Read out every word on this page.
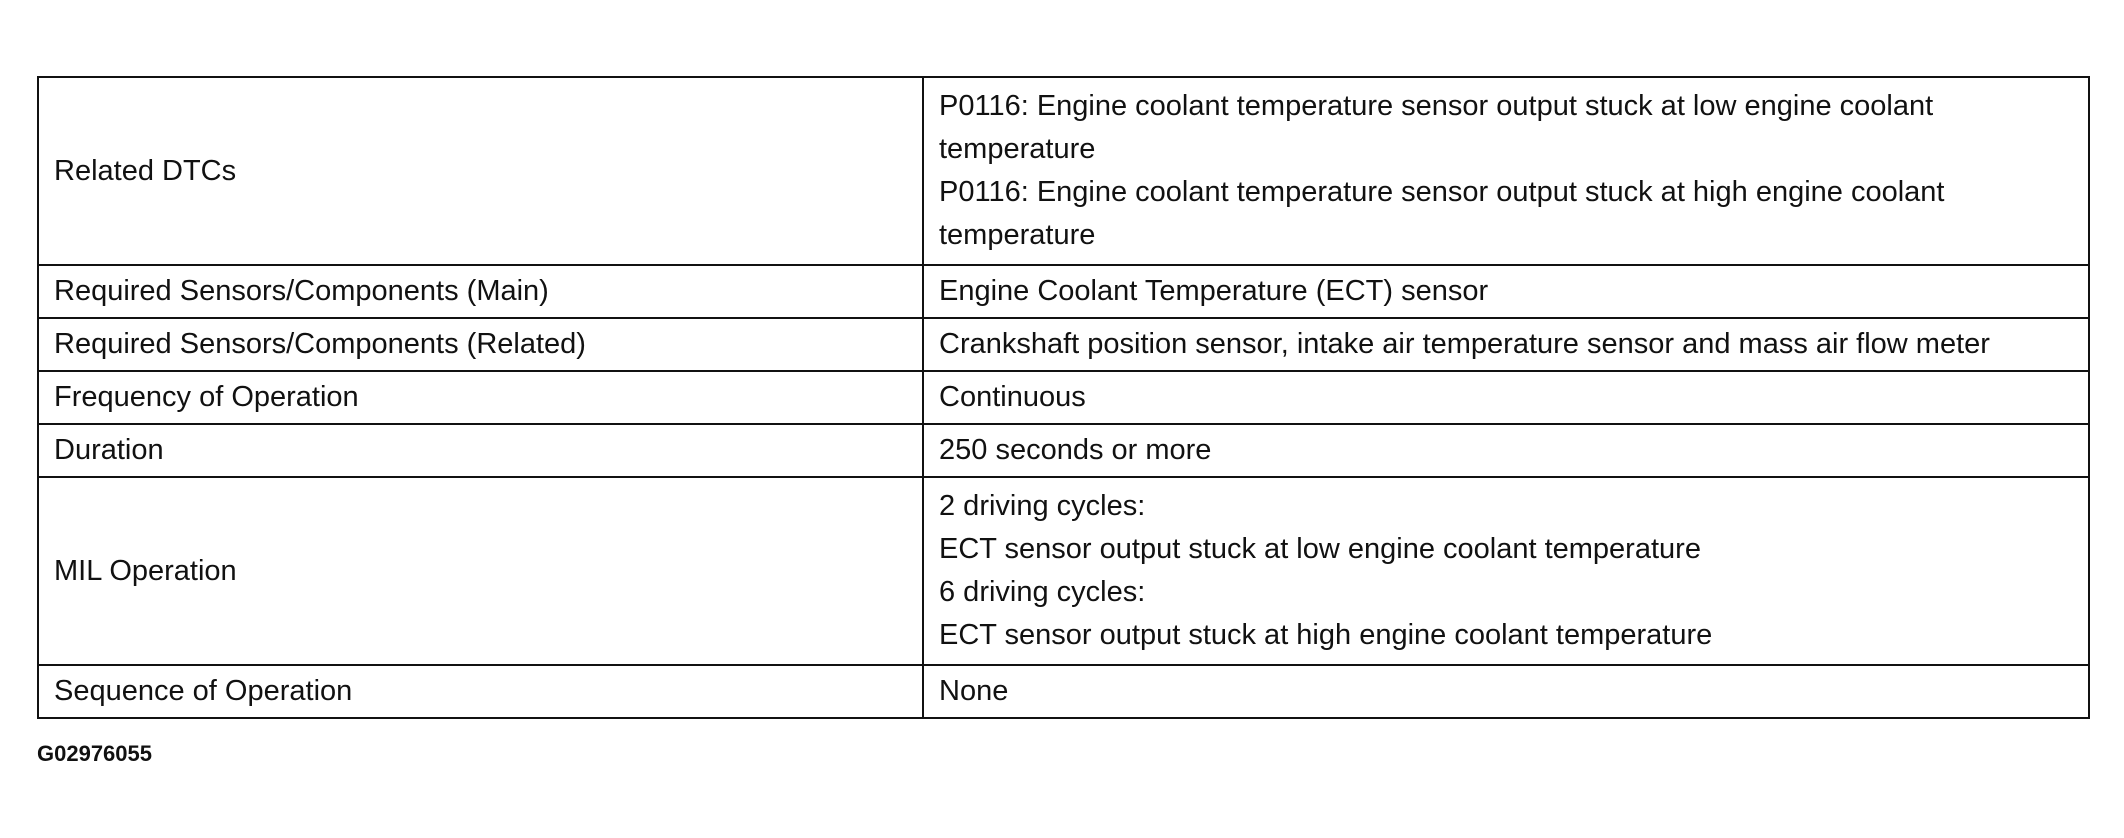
Related DTCs	P0116: Engine coolant temperature sensor output stuck at low engine coolant
temperature
P0116: Engine coolant temperature sensor output stuck at high engine coolant
temperature

Required Sensors/Components (Main)	Engine Coolant Temperature (ECT) sensor

Required Sensors/Components (Related)	Crankshaft position sensor, intake air temperature sensor and mass air flow meter

Frequency of Operation	Continuous

Duration	250 seconds or more

MIL Operation	2 driving cycles:
ECT sensor output stuck at low engine coolant temperature
6 driving cycles:
ECT sensor output stuck at high engine coolant temperature

Sequence of Operation	None
G02976055
